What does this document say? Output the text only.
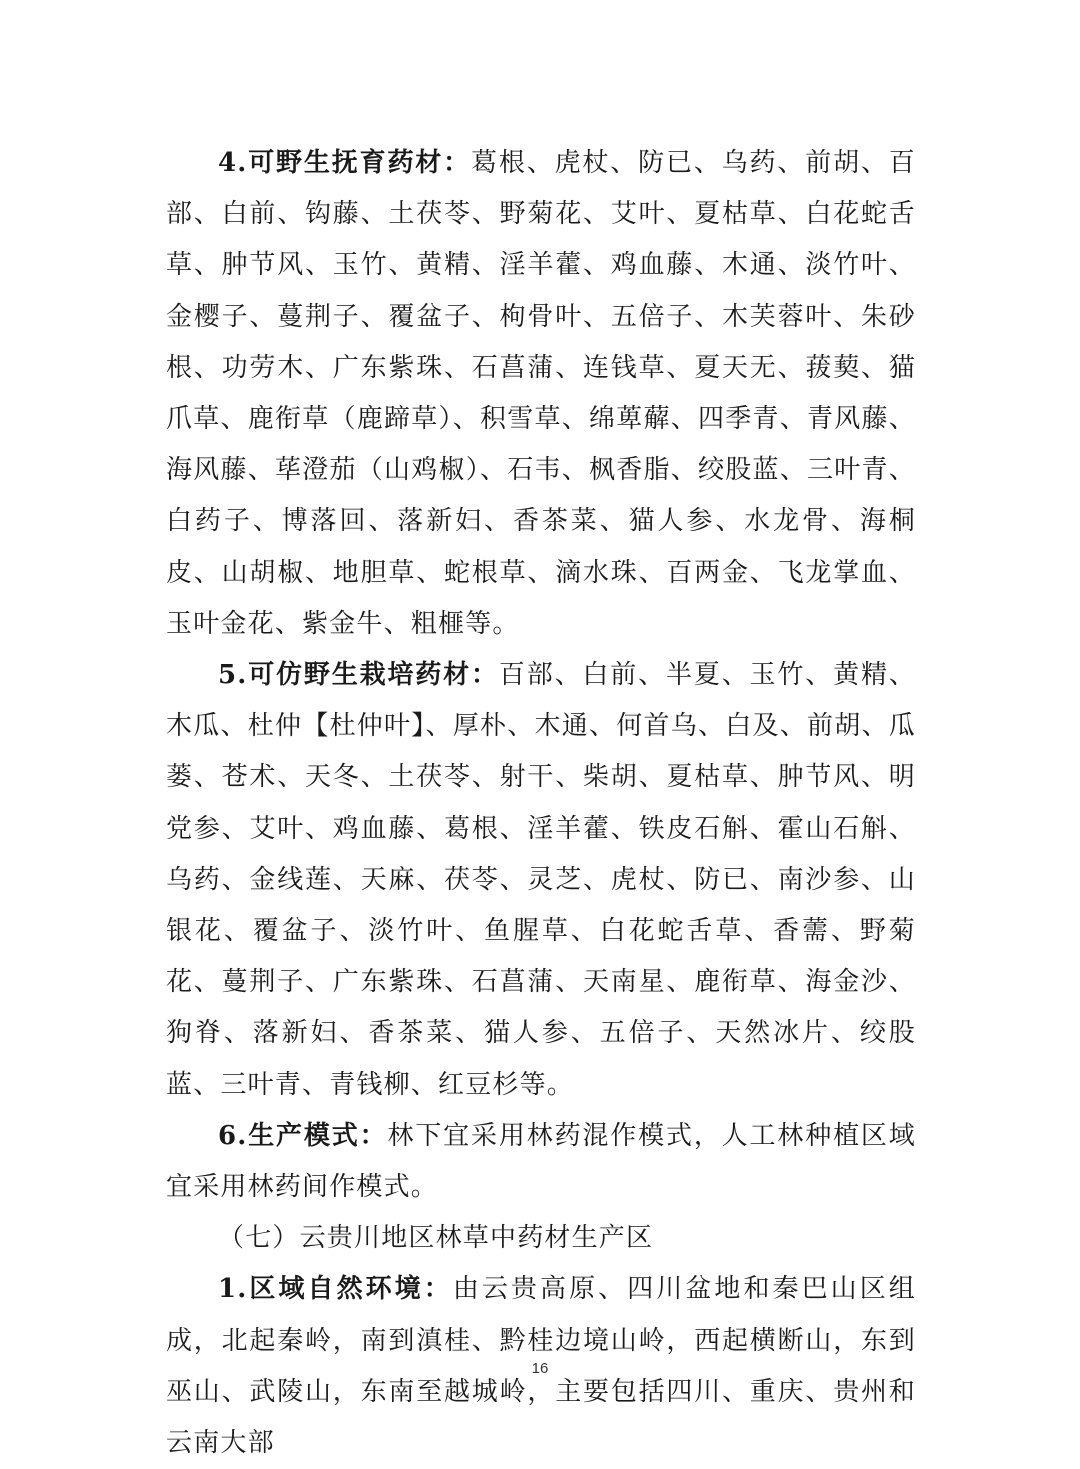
4.可野生抚育药材：葛根、虎杖、防已、乌药、前胡、百部、白前、钩藤、土茯苓、野菊花、艾叶、夏枯草、白花蛇舌草、肿节风、玉竹、黄精、淫羊藿、鸡血藤、木通、淡竹叶、金樱子、蔓荆子、覆盆子、枸骨叶、五倍子、木芙蓉叶、朱砂根、功劳木、广东紫珠、石菖蒲、连钱草、夏天无、菝葜、猫爪草、鹿衔草（鹿蹄草）、积雪草、绵萆薢、四季青、青风藤、海风藤、荜澄茄（山鸡椒）、石韦、枫香脂、绞股蓝、三叶青、白药子、博落回、落新妇、香茶菜、猫人参、水龙骨、海桐皮、山胡椒、地胆草、蛇根草、滴水珠、百两金、飞龙掌血、玉叶金花、紫金牛、粗榧等。

5.可仿野生栽培药材：百部、白前、半夏、玉竹、黄精、木瓜、杜仲【杜仲叶】、厚朴、木通、何首乌、白及、前胡、瓜蒌、苍术、天冬、土茯苓、射干、柴胡、夏枯草、肿节风、明党参、艾叶、鸡血藤、葛根、淫羊藿、铁皮石斛、霍山石斛、乌药、金线莲、天麻、茯苓、灵芝、虎杖、防已、南沙参、山银花、覆盆子、淡竹叶、鱼腥草、白花蛇舌草、香薷、野菊花、蔓荆子、广东紫珠、石菖蒲、天南星、鹿衔草、海金沙、狗脊、落新妇、香茶菜、猫人参、五倍子、天然冰片、绞股蓝、三叶青、青钱柳、红豆杉等。

6.生产模式：林下宜采用林药混作模式，人工林种植区域宜采用林药间作模式。

（七）云贵川地区林草中药材生产区

1.区域自然环境：由云贵高原、四川盆地和秦巴山区组成，北起秦岭，南到滇桂、黔桂边境山岭，西起横断山，东到巫山、武陵山，东南至越城岭，主要包括四川、重庆、贵州和云南大部

16
